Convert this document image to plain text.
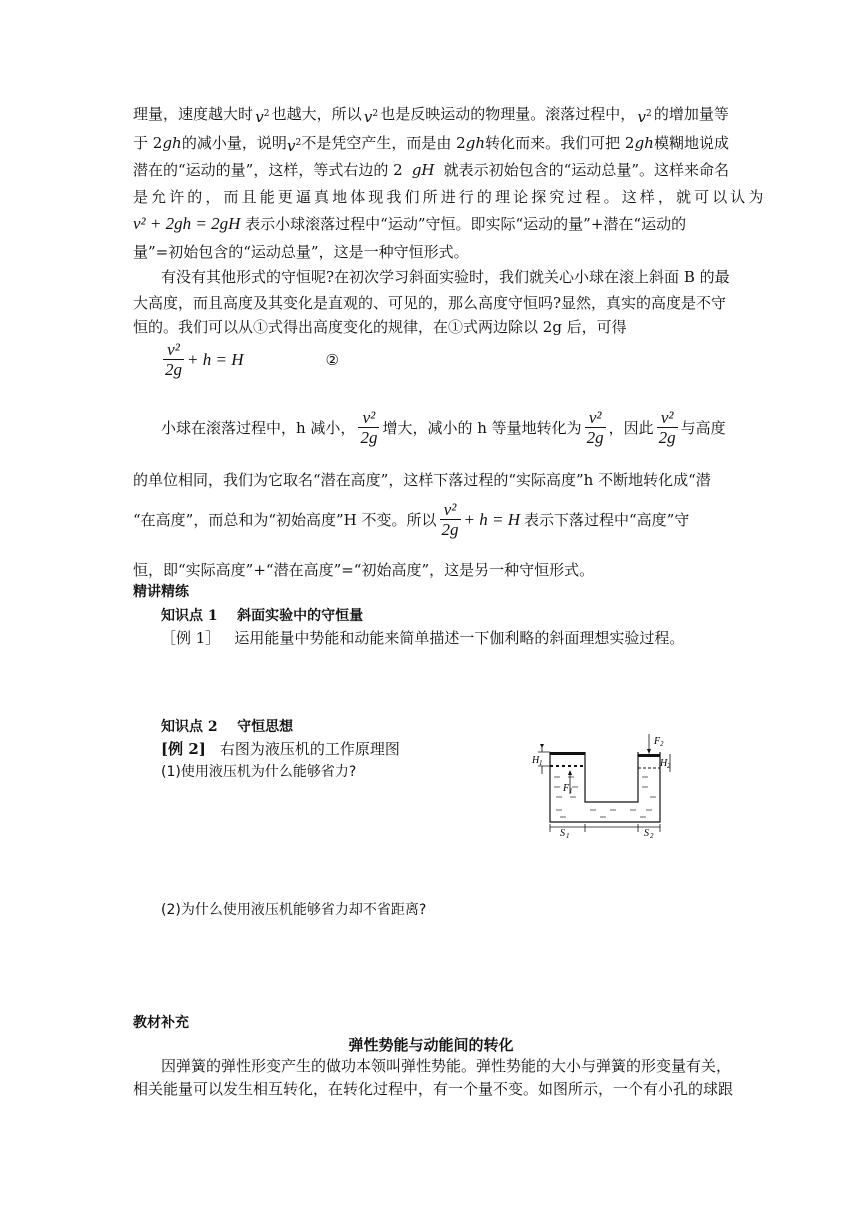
理量，速度越大时 $v^2$ 也越大，所以 $v^2$ 也是反映运动的物理量。滚落过程中， $v^2$ 的增加量等
于 2 gh 的减小量，说明 $v^2$ 不是凭空产生，而是由 2 gh 转化而来。我们可把 2 gh 模糊地说成
潜在的“运动的量”，这样，等式右边的 2 gH 就表示初始包含的“运动总量”。这样来命名
是允许的，而且能更逼真地体现我们所进行的理论探究过程。这样，就可以认为
v² + 2gh = 2gH 表示小球滚落过程中“运动”守恒。即实际“运动的量”+潜在“运动的
量”=初始包含的“运动总量”，这是一种守恒形式。
有没有其他形式的守恒呢?在初次学习斜面实验时，我们就关心小球在滚上斜面 B 的最
大高度，而且高度及其变化是直观的、可见的，那么高度守恒吗?显然，真实的高度是不守
恒的。我们可以从①式得出高度变化的规律，在①式两边除以 2g 后，可得
$\frac{\text{v²}}{2g} + h = H$	②
小球在滚落过程中，h 减小， $\frac{\text{v²}}{2g}$ 增大，减小的 h 等量地转化为 $\frac{\text{v²}}{2g}$ ，因此 $\frac{\text{v²}}{2g}$ 与高度
的单位相同，我们为它取名“潜在高度”，这样下落过程的“实际高度”h 不断地转化成“潜
“在高度”，而总和为“初始高度”H 不变。所以 $\frac{\text{v²}}{2g} + h = H$ 表示下落过程中“高度”守
恒，即“实际高度”+“潜在高度”=“初始高度”，这是另一种守恒形式。
精讲精练
知识点 1    斜面实验中的守恒量
［例 1］ 运用能量中势能和动能来简单描述一下伽利略的斜面理想实验过程。
知识点 2    守恒思想
[例 2] 右图为液压机的工作原理图
(1)使用液压机为什么能够省力?
H 1
F 1
F 2
H 2
S 1	S 2
(2)为什么使用液压机能够省力却不省距离?
教材补充
弹性势能与动能间的转化
因弹簧的弹性形变产生的做功本领叫弹性势能。弹性势能的大小与弹簧的形变量有关，
相关能量可以发生相互转化，在转化过程中，有一个量不变。如图所示，一个有小孔的球跟
